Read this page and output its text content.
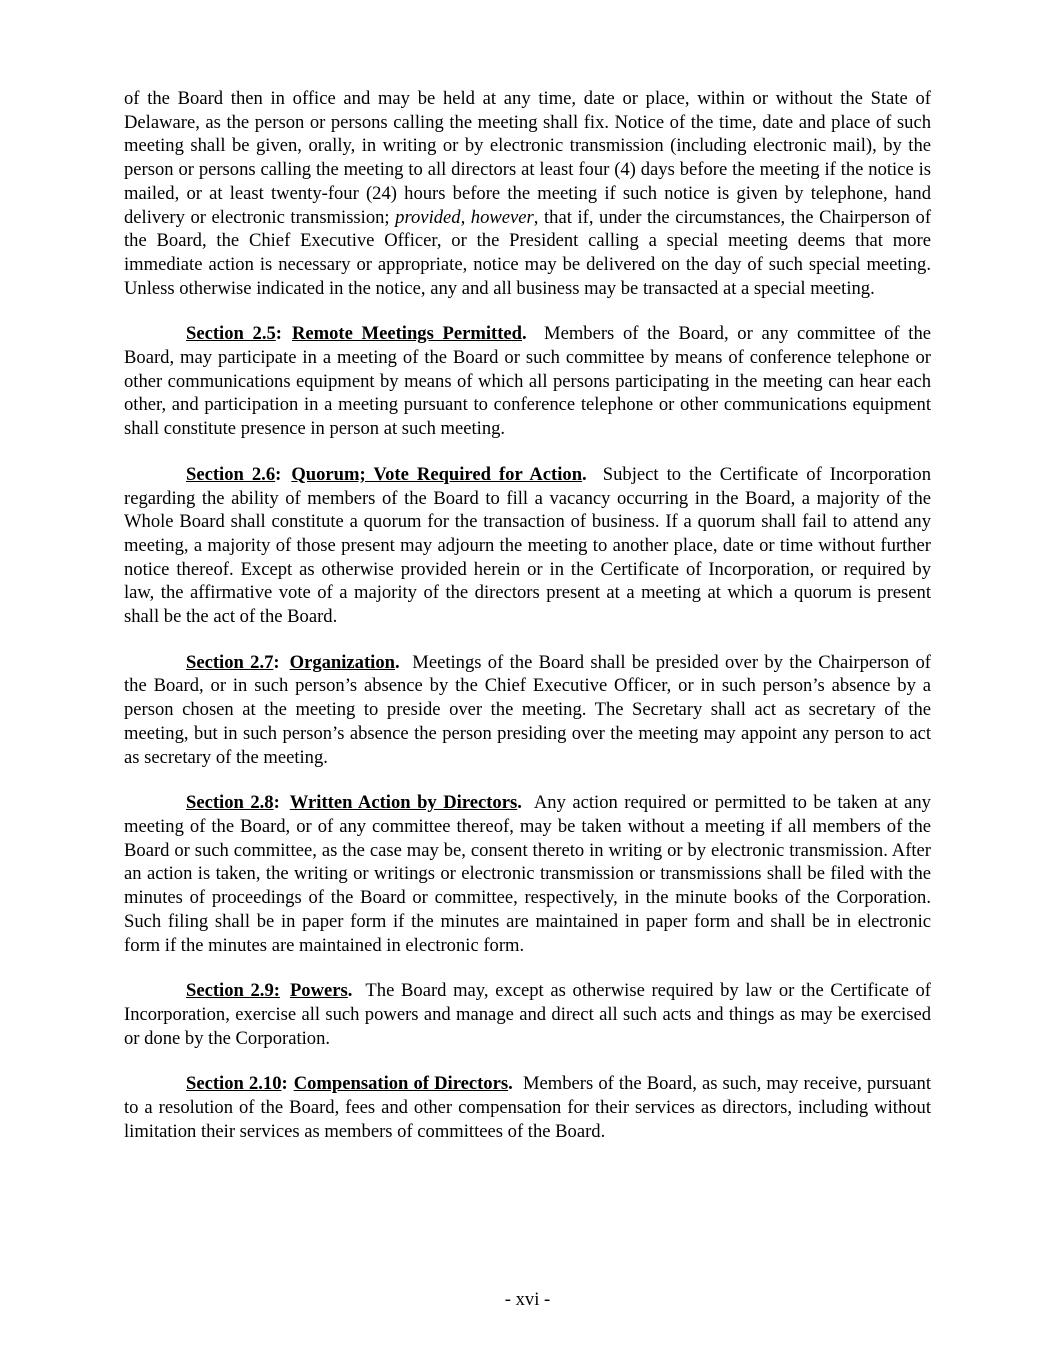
of the Board then in office and may be held at any time, date or place, within or without the State of Delaware, as the person or persons calling the meeting shall fix. Notice of the time, date and place of such meeting shall be given, orally, in writing or by electronic transmission (including electronic mail), by the person or persons calling the meeting to all directors at least four (4) days before the meeting if the notice is mailed, or at least twenty-four (24) hours before the meeting if such notice is given by telephone, hand delivery or electronic transmission; provided, however, that if, under the circumstances, the Chairperson of the Board, the Chief Executive Officer, or the President calling a special meeting deems that more immediate action is necessary or appropriate, notice may be delivered on the day of such special meeting. Unless otherwise indicated in the notice, any and all business may be transacted at a special meeting.

Section 2.5: Remote Meetings Permitted. Members of the Board, or any committee of the Board, may participate in a meeting of the Board or such committee by means of conference telephone or other communications equipment by means of which all persons participating in the meeting can hear each other, and participation in a meeting pursuant to conference telephone or other communications equipment shall constitute presence in person at such meeting.

Section 2.6: Quorum; Vote Required for Action. Subject to the Certificate of Incorporation regarding the ability of members of the Board to fill a vacancy occurring in the Board, a majority of the Whole Board shall constitute a quorum for the transaction of business. If a quorum shall fail to attend any meeting, a majority of those present may adjourn the meeting to another place, date or time without further notice thereof. Except as otherwise provided herein or in the Certificate of Incorporation, or required by law, the affirmative vote of a majority of the directors present at a meeting at which a quorum is present shall be the act of the Board.

Section 2.7: Organization. Meetings of the Board shall be presided over by the Chairperson of the Board, or in such person’s absence by the Chief Executive Officer, or in such person’s absence by a person chosen at the meeting to preside over the meeting. The Secretary shall act as secretary of the meeting, but in such person’s absence the person presiding over the meeting may appoint any person to act as secretary of the meeting.

Section 2.8: Written Action by Directors. Any action required or permitted to be taken at any meeting of the Board, or of any committee thereof, may be taken without a meeting if all members of the Board or such committee, as the case may be, consent thereto in writing or by electronic transmission. After an action is taken, the writing or writings or electronic transmission or transmissions shall be filed with the minutes of proceedings of the Board or committee, respectively, in the minute books of the Corporation. Such filing shall be in paper form if the minutes are maintained in paper form and shall be in electronic form if the minutes are maintained in electronic form.

Section 2.9: Powers. The Board may, except as otherwise required by law or the Certificate of Incorporation, exercise all such powers and manage and direct all such acts and things as may be exercised or done by the Corporation.

Section 2.10: Compensation of Directors. Members of the Board, as such, may receive, pursuant to a resolution of the Board, fees and other compensation for their services as directors, including without limitation their services as members of committees of the Board.

- xvi -
